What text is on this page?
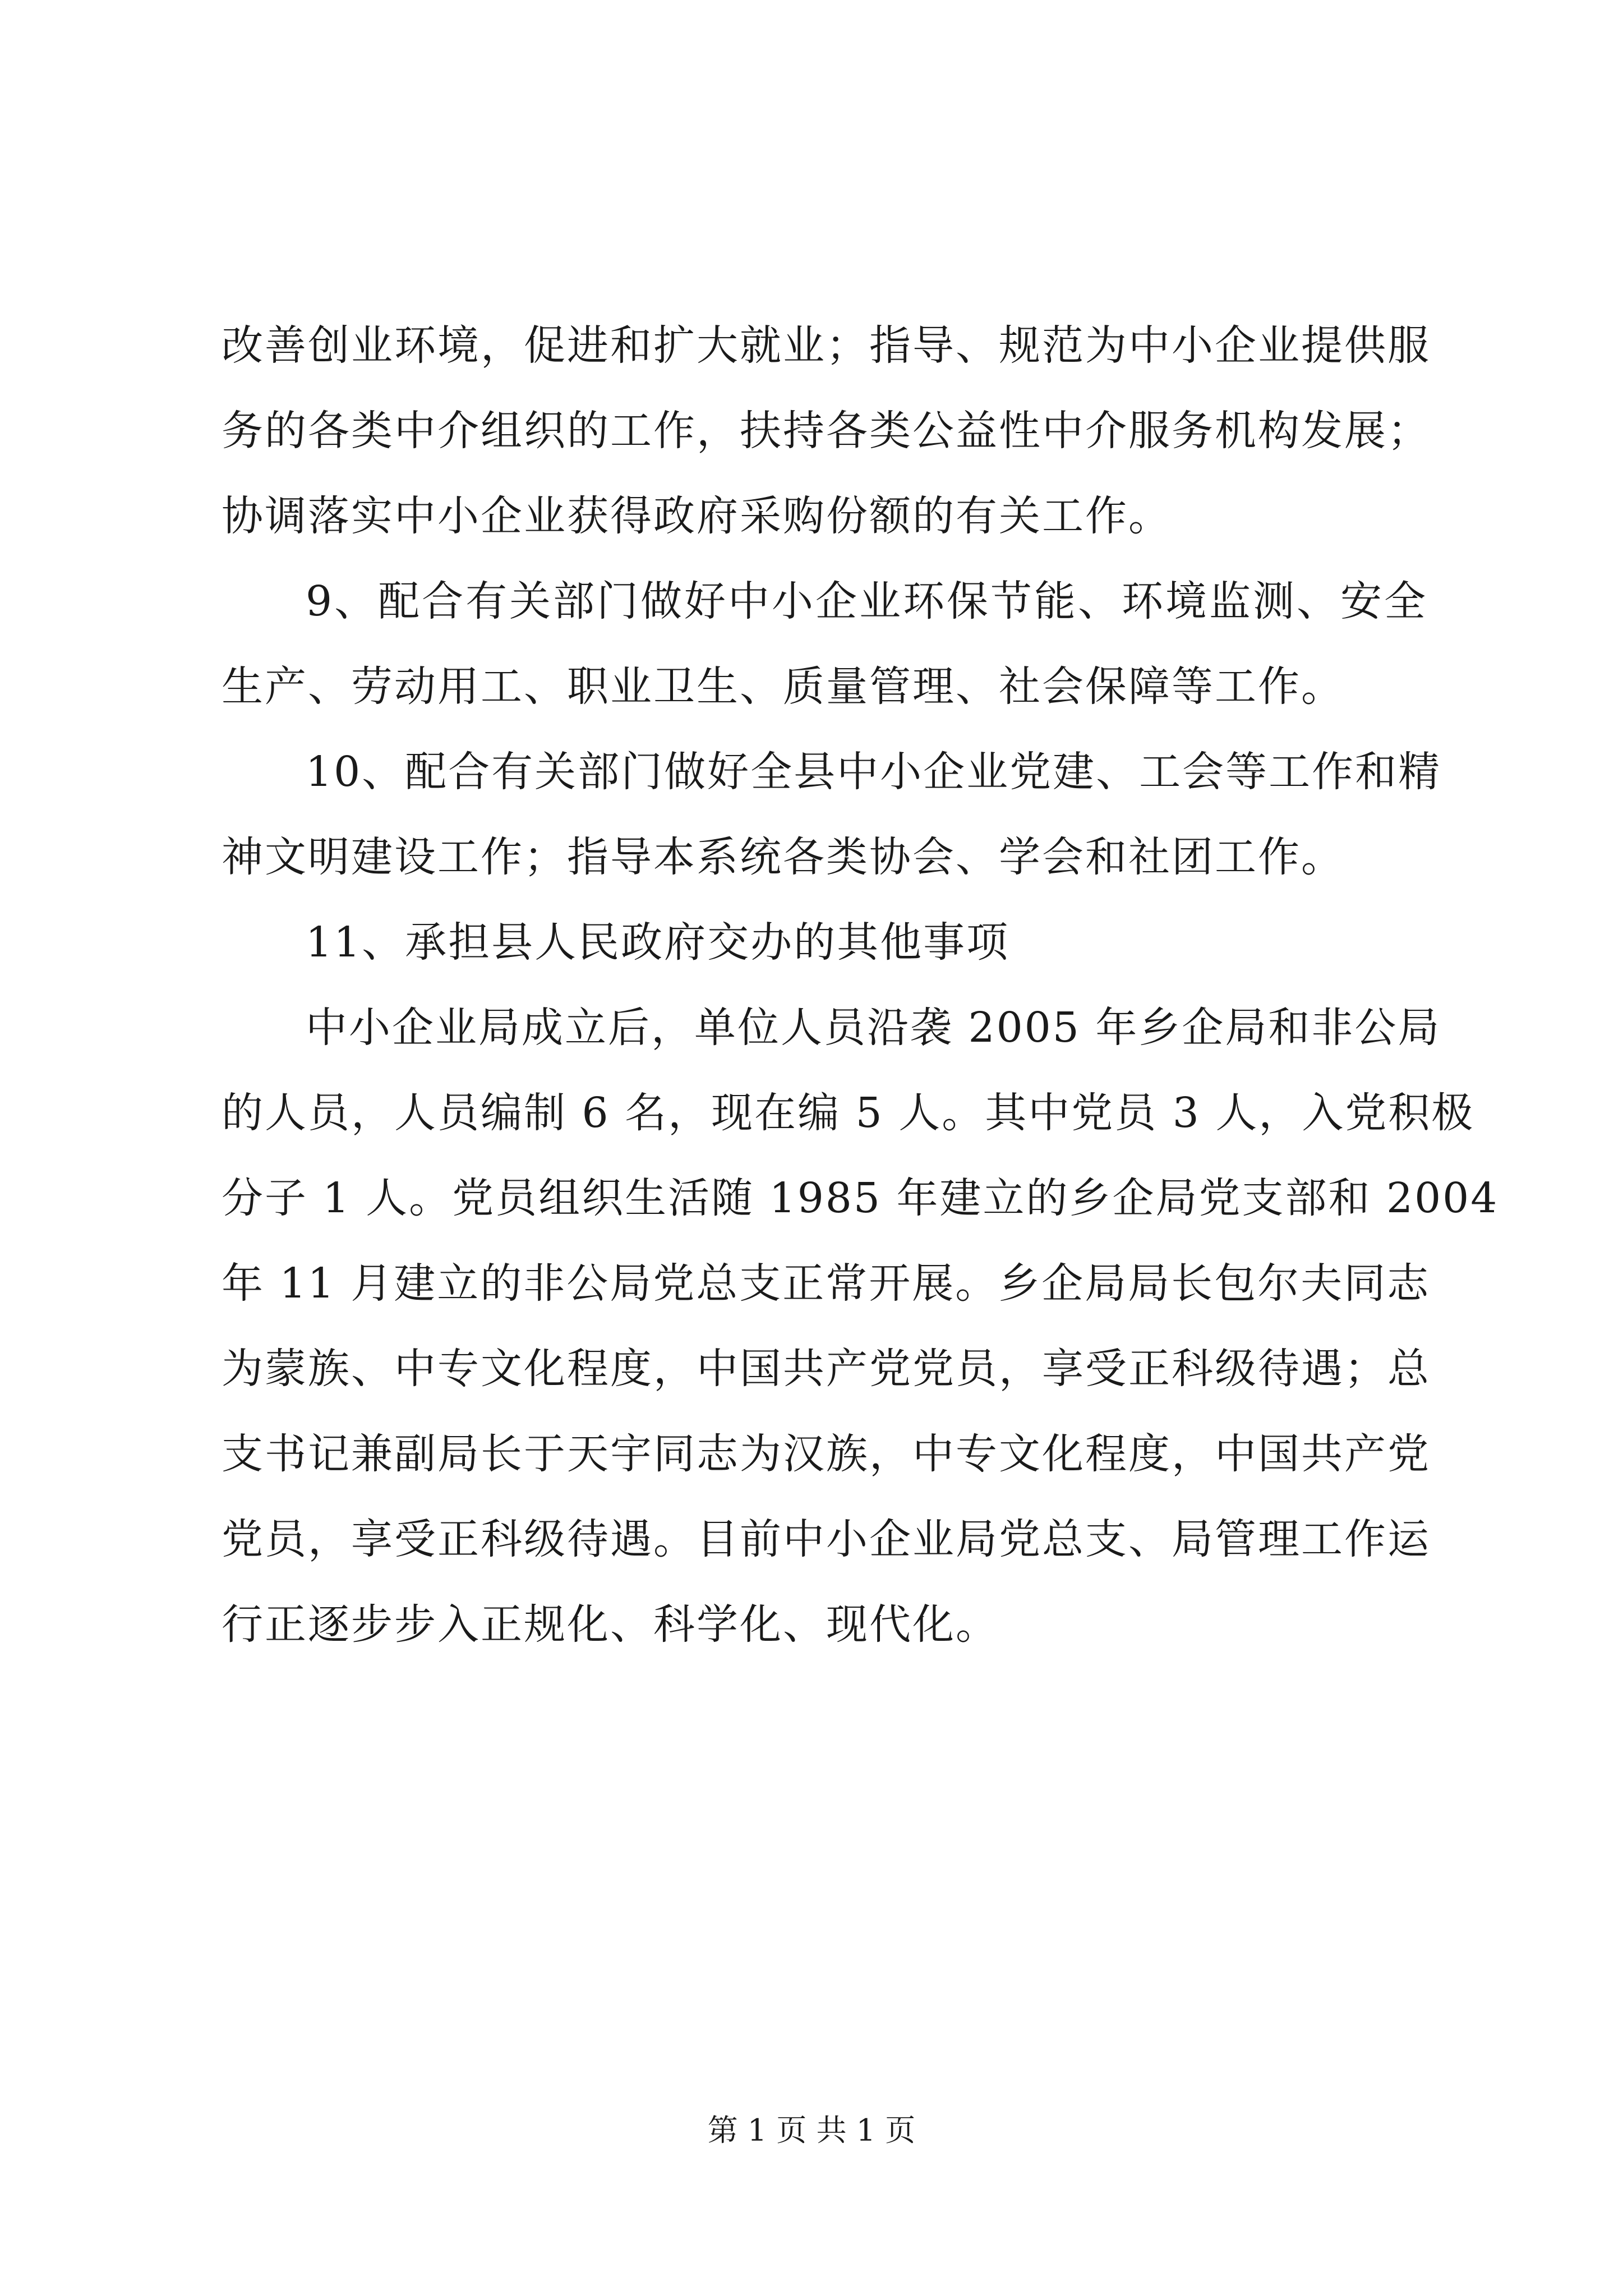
改善创业环境，促进和扩大就业；指导、规范为中小企业提供服
务的各类中介组织的工作，扶持各类公益性中介服务机构发展；
协调落实中小企业获得政府采购份额的有关工作。
9、配合有关部门做好中小企业环保节能、环境监测、安全
生产、劳动用工、职业卫生、质量管理、社会保障等工作。
10、配合有关部门做好全县中小企业党建、工会等工作和精
神文明建设工作；指导本系统各类协会、学会和社团工作。
11、承担县人民政府交办的其他事项
中小企业局成立后，单位人员沿袭 2005 年乡企局和非公局
的人员，人员编制 6 名，现在编 5 人。其中党员 3 人，入党积极
分子 1 人。党员组织生活随 1985 年建立的乡企局党支部和 2004
年 11 月建立的非公局党总支正常开展。乡企局局长包尔夫同志
为蒙族、中专文化程度，中国共产党党员，享受正科级待遇；总
支书记兼副局长于天宇同志为汉族，中专文化程度，中国共产党
党员，享受正科级待遇。目前中小企业局党总支、局管理工作运
行正逐步步入正规化、科学化、现代化。
第 1 页 共 1 页
